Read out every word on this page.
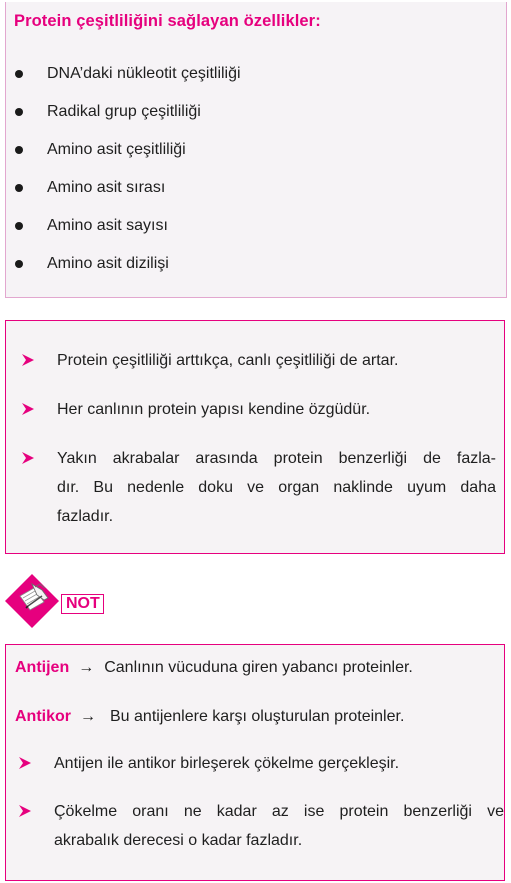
Protein çeşitliliğini sağlayan özellikler:
DNA’daki nükleotit çeşitliliği
Radikal grup çeşitliliği
Amino asit çeşitliliği
Amino asit sırası
Amino asit sayısı
Amino asit dizilişi
Protein çeşitliliği arttıkça, canlı çeşitliliği de artar.
Her canlının protein yapısı kendine özgüdür.
Yakın akrabalar arasında protein benzerliği de fazla-
dır. Bu nedenle doku ve organ naklinde uyum daha
fazladır.
NOT
Antijen → Canlının vücuduna giren yabancı proteinler.
Antikor → Bu antijenlere karşı oluşturulan proteinler.
Antijen ile antikor birleşerek çökelme gerçekleşir.
Çökelme oranı ne kadar az ise protein benzerliği ve
akrabalık derecesi o kadar fazladır.
